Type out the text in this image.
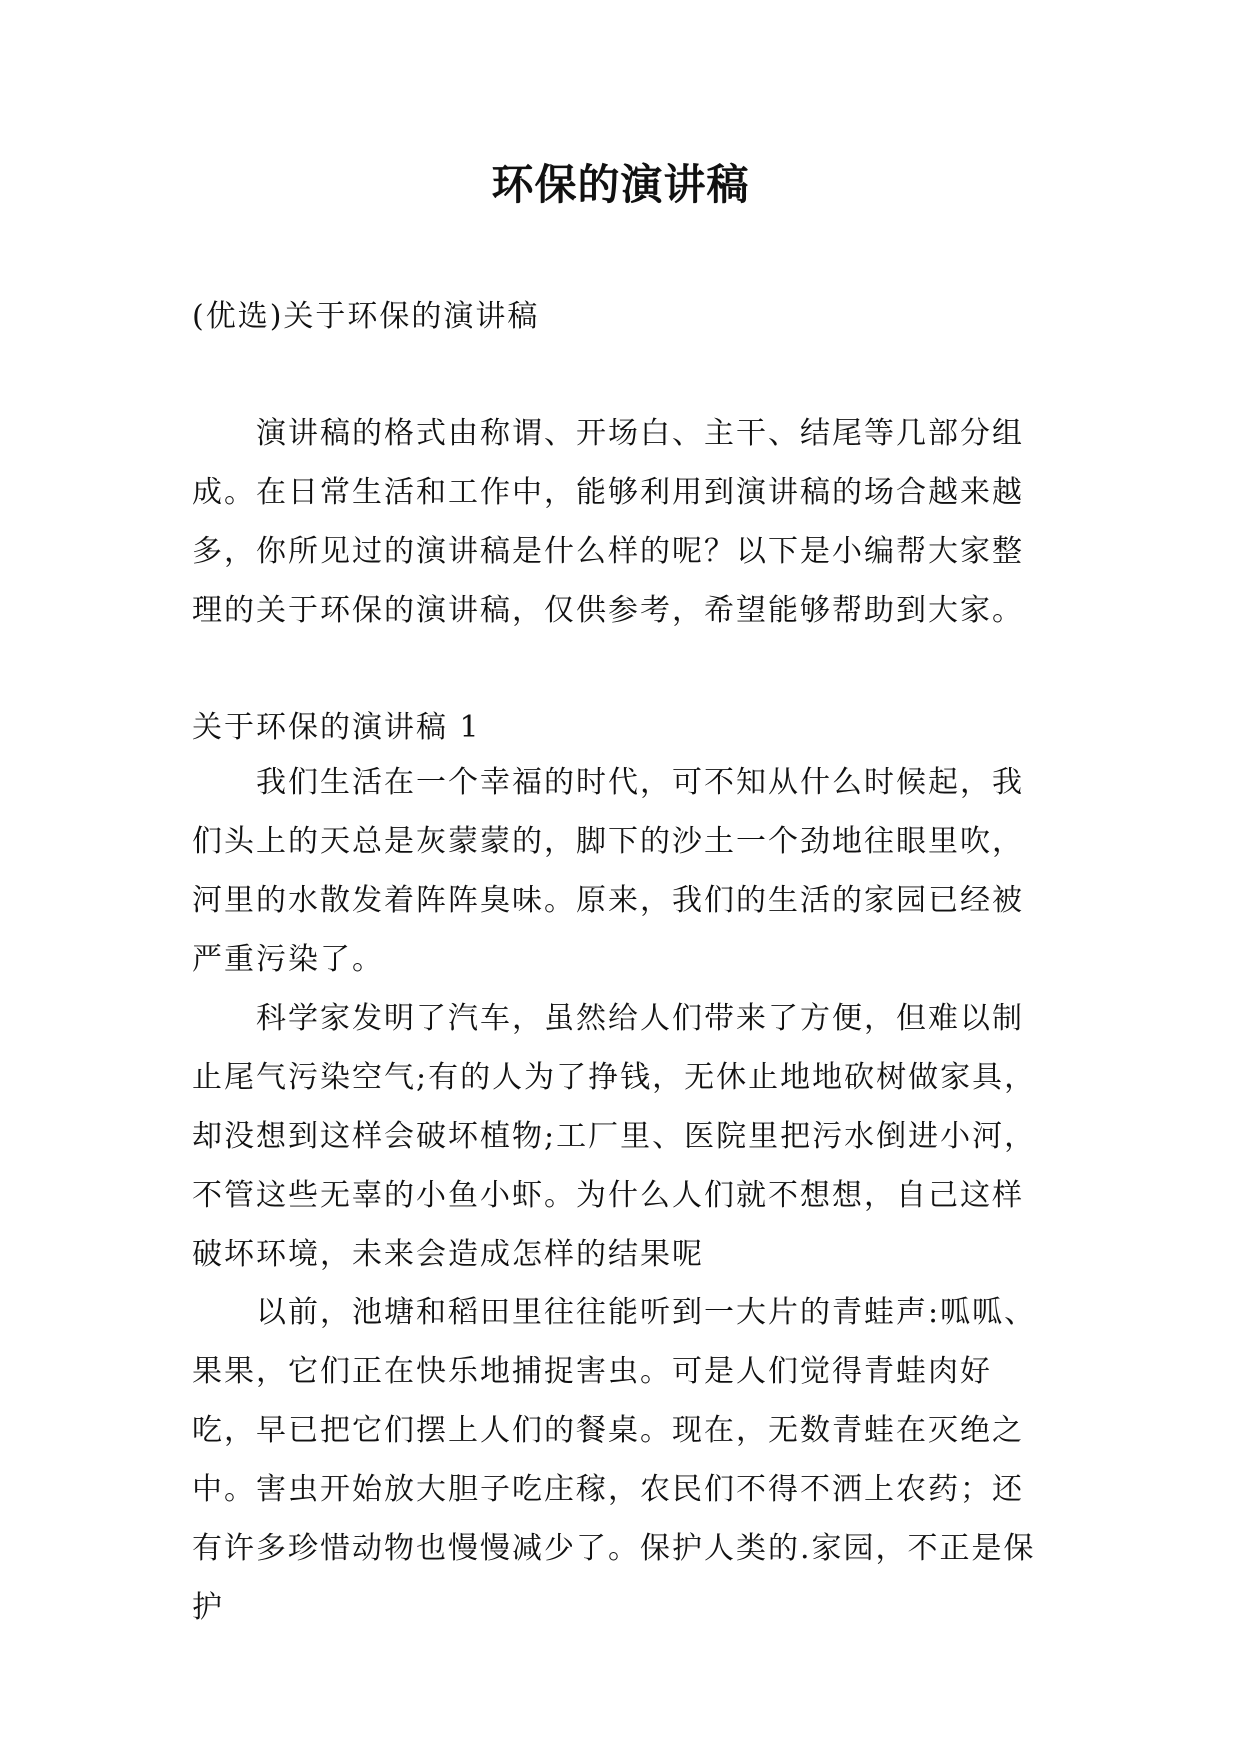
环保的演讲稿
(优选)关于环保的演讲稿

演讲稿的格式由称谓、开场白、主干、结尾等几部分组成。在日常生活和工作中，能够利用到演讲稿的场合越来越多，你所见过的演讲稿是什么样的呢？以下是小编帮大家整理的关于环保的演讲稿，仅供参考，希望能够帮助到大家。

关于环保的演讲稿 1

我们生活在一个幸福的时代，可不知从什么时候起，我们头上的天总是灰蒙蒙的，脚下的沙土一个劲地往眼里吹，河里的水散发着阵阵臭味。原来，我们的生活的家园已经被严重污染了。

科学家发明了汽车，虽然给人们带来了方便，但难以制止尾气污染空气;有的人为了挣钱，无休止地地砍树做家具，却没想到这样会破坏植物;工厂里、医院里把污水倒进小河，不管这些无辜的小鱼小虾。为什么人们就不想想，自己这样破坏环境，未来会造成怎样的结果呢

以前，池塘和稻田里往往能听到一大片的青蛙声:呱呱、果果，它们正在快乐地捕捉害虫。可是人们觉得青蛙肉好吃，早已把它们摆上人们的餐桌。现在，无数青蛙在灭绝之中。害虫开始放大胆子吃庄稼，农民们不得不洒上农药；还有许多珍惜动物也慢慢减少了。保护人类的.家园，不正是保护
